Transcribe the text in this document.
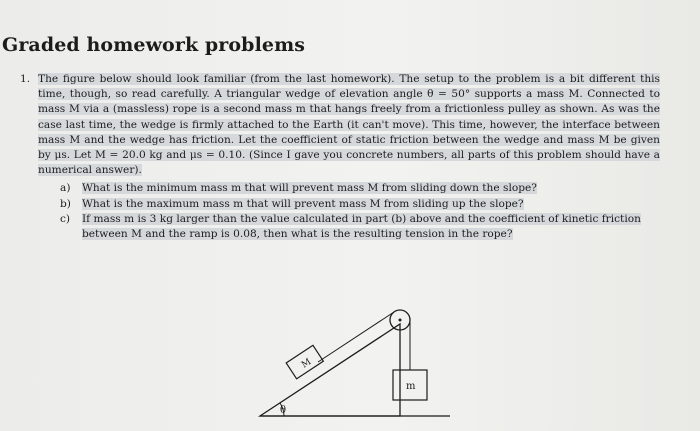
Graded homework problems
1. The figure below should look familiar (from the last homework). The setup to the problem is a bit different this time, though, so read carefully. A triangular wedge of elevation angle θ = 50° supports a mass M. Connected to mass M via a (massless) rope is a second mass m that hangs freely from a frictionless pulley as shown. As was the case last time, the wedge is firmly attached to the Earth (it can't move). This time, however, the interface between mass M and the wedge has friction. Let the coefficient of static friction between the wedge and mass M be given by μs. Let M = 20.0 kg and μs = 0.10. (Since I gave you concrete numbers, all parts of this problem should have a numerical answer).
a) What is the minimum mass m that will prevent mass M from sliding down the slope?
b) What is the maximum mass m that will prevent mass M from sliding up the slope?
c) If mass m is 3 kg larger than the value calculated in part (b) above and the coefficient of kinetic friction between M and the ramp is 0.08, then what is the resulting tension in the rope?
θ
M
m
